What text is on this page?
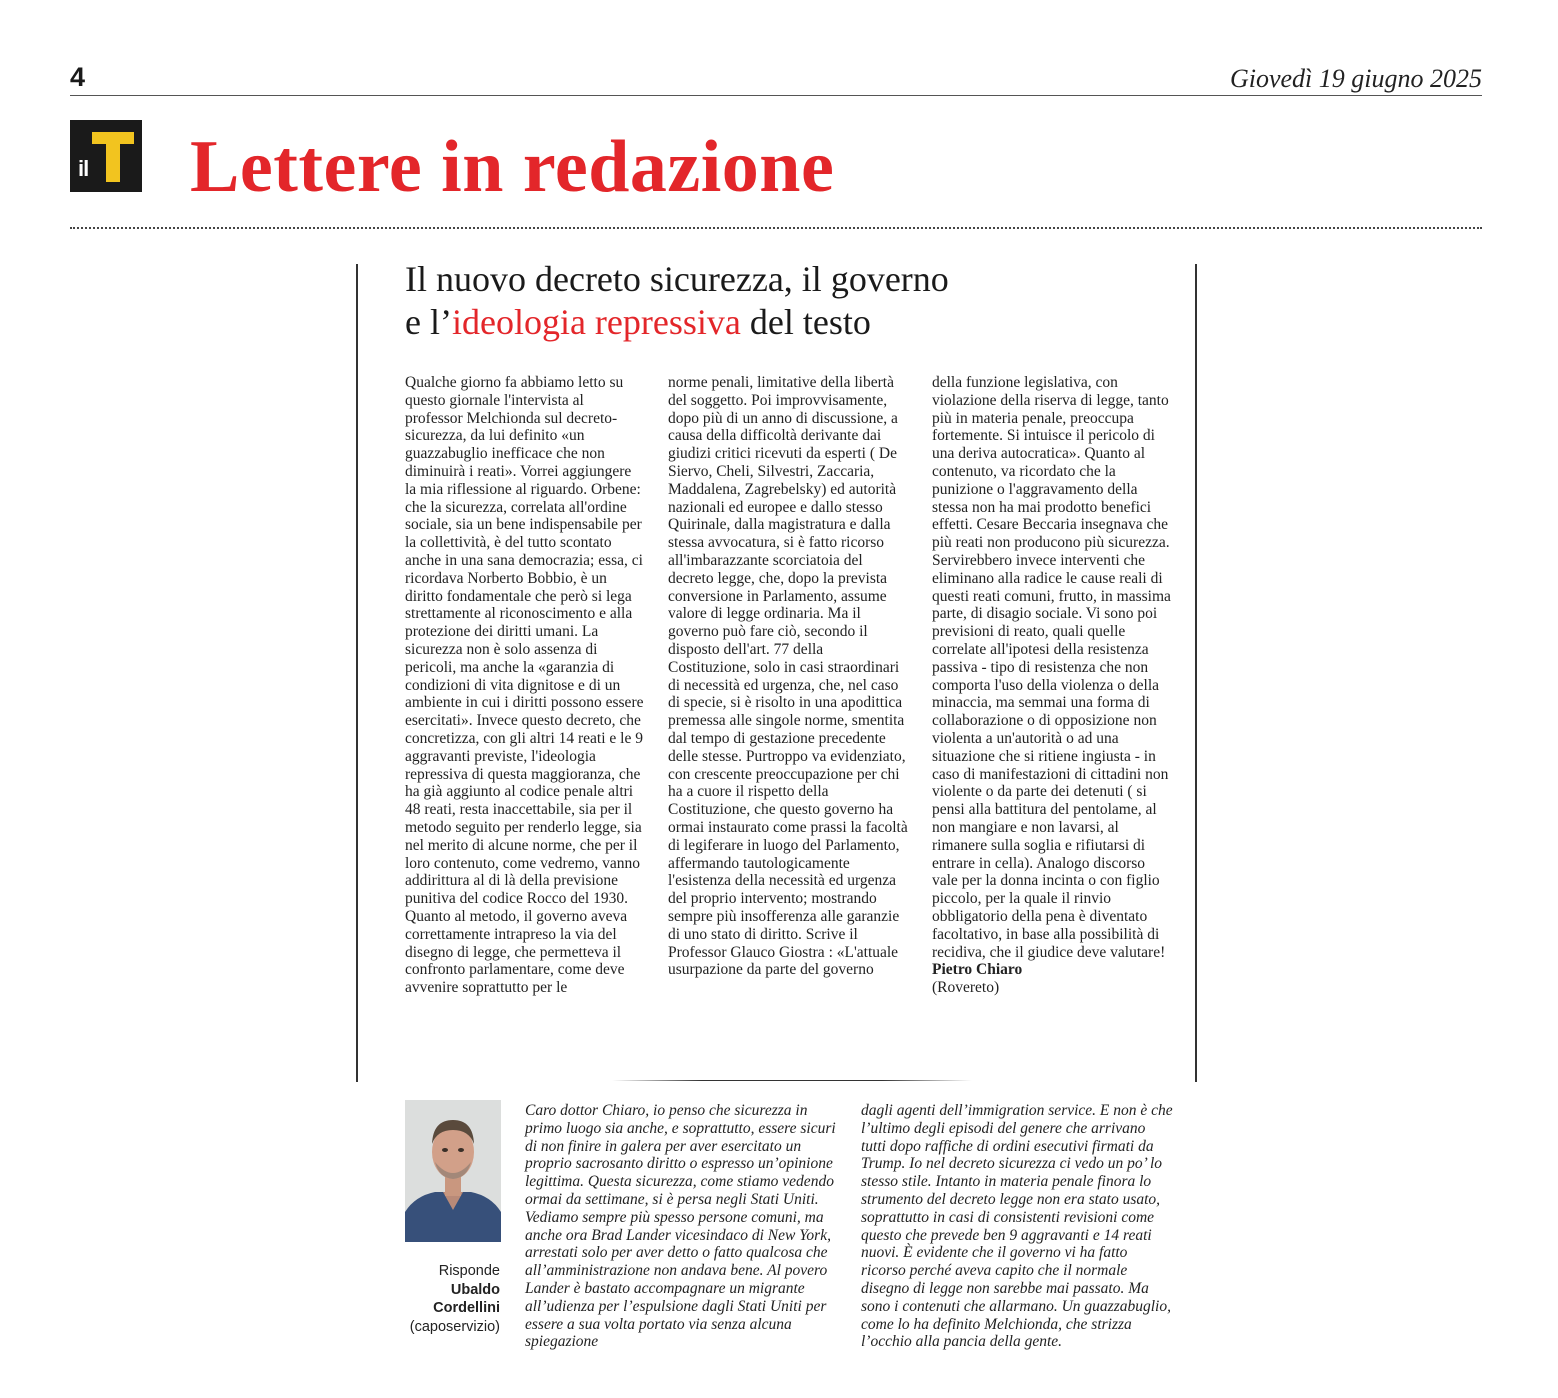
4	Giovedì 19 giugno 2025
il Lettere in redazione
Il nuovo decreto sicurezza, il governo
e l’ideologia repressiva del testo
Qualche giorno fa abbiamo letto su questo giornale l'intervista al professor Melchionda sul decreto-sicurezza, da lui definito «un guazzabuglio inefficace che non diminuirà i reati». Vorrei aggiungere la mia riflessione al riguardo. Orbene: che la sicurezza, correlata all'ordine sociale, sia un bene indispensabile per la collettività, è del tutto scontato anche in una sana democrazia; essa, ci ricordava Norberto Bobbio, è un diritto fondamentale che però si lega strettamente al riconoscimento e alla protezione dei diritti umani. La sicurezza non è solo assenza di pericoli, ma anche la «garanzia di condizioni di vita dignitose e di un ambiente in cui i diritti possono essere esercitati». Invece questo decreto, che concretizza, con gli altri 14 reati e le 9 aggravanti previste, l'ideologia repressiva di questa maggioranza, che ha già aggiunto al codice penale altri 48 reati, resta inaccettabile, sia per il metodo seguito per renderlo legge, sia nel merito di alcune norme, che per il loro contenuto, come vedremo, vanno addirittura al di là della previsione punitiva del codice Rocco del 1930. Quanto al metodo, il governo aveva correttamente intrapreso la via del disegno di legge, che permetteva il confronto parlamentare, come deve avvenire soprattutto per le
norme penali, limitative della libertà del soggetto. Poi improvvisamente, dopo più di un anno di discussione, a causa della difficoltà derivante dai giudizi critici ricevuti da esperti ( De Siervo, Cheli, Silvestri, Zaccaria, Maddalena, Zagrebelsky) ed autorità nazionali ed europee e dallo stesso Quirinale, dalla magistratura e dalla stessa avvocatura, si è fatto ricorso all'imbarazzante scorciatoia del decreto legge, che, dopo la prevista conversione in Parlamento, assume valore di legge ordinaria. Ma il governo può fare ciò, secondo il disposto dell'art. 77 della Costituzione, solo in casi straordinari di necessità ed urgenza, che, nel caso di specie, si è risolto in una apodittica premessa alle singole norme, smentita dal tempo di gestazione precedente delle stesse. Purtroppo va evidenziato, con crescente preoccupazione per chi ha a cuore il rispetto della Costituzione, che questo governo ha ormai instaurato come prassi la facoltà di legiferare in luogo del Parlamento, affermando tautologicamente l'esistenza della necessità ed urgenza del proprio intervento; mostrando sempre più insofferenza alle garanzie di uno stato di diritto. Scrive il Professor Glauco Giostra : «L'attuale usurpazione da parte del governo
della funzione legislativa, con violazione della riserva di legge, tanto più in materia penale, preoccupa fortemente. Si intuisce il pericolo di una deriva autocratica». Quanto al contenuto, va ricordato che la punizione o l'aggravamento della stessa non ha mai prodotto benefici effetti. Cesare Beccaria insegnava che più reati non producono più sicurezza. Servirebbero invece interventi che eliminano alla radice le cause reali di questi reati comuni, frutto, in massima parte, di disagio sociale. Vi sono poi previsioni di reato, quali quelle correlate all'ipotesi della resistenza passiva - tipo di resistenza che non comporta l'uso della violenza o della minaccia, ma semmai una forma di collaborazione o di opposizione non violenta a un'autorità o ad una situazione che si ritiene ingiusta - in caso di manifestazioni di cittadini non violente o da parte dei detenuti ( si pensi alla battitura del pentolame, al non mangiare e non lavarsi, al rimanere sulla soglia e rifiutarsi di entrare in cella). Analogo discorso vale per la donna incinta o con figlio piccolo, per la quale il rinvio obbligatorio della pena è diventato facoltativo, in base alla possibilità di recidiva, che il giudice deve valutare!
Pietro Chiaro
(Rovereto)
Risponde
Ubaldo
Cordellini
(caposervizio)
Caro dottor Chiaro, io penso che sicurezza in primo luogo sia anche, e soprattutto, essere sicuri di non finire in galera per aver esercitato un proprio sacrosanto diritto o espresso un’opinione legittima. Questa sicurezza, come stiamo vedendo ormai da settimane, si è persa negli Stati Uniti. Vediamo sempre più spesso persone comuni, ma anche ora Brad Lander vicesindaco di New York, arrestati solo per aver detto o fatto qualcosa che all’amministrazione non andava bene. Al povero Lander è bastato accompagnare un migrante all’udienza per l’espulsione dagli Stati Uniti per essere a sua volta portato via senza alcuna spiegazione
dagli agenti dell’immigration service. E non è che l’ultimo degli episodi del genere che arrivano tutti dopo raffiche di ordini esecutivi firmati da Trump. Io nel decreto sicurezza ci vedo un po’ lo stesso stile. Intanto in materia penale finora lo strumento del decreto legge non era stato usato, soprattutto in casi di consistenti revisioni come questo che prevede ben 9 aggravanti e 14 reati nuovi. È evidente che il governo vi ha fatto ricorso perché aveva capito che il normale disegno di legge non sarebbe mai passato. Ma sono i contenuti che allarmano. Un guazzabuglio, come lo ha definito Melchionda, che strizza l’occhio alla pancia della gente.
